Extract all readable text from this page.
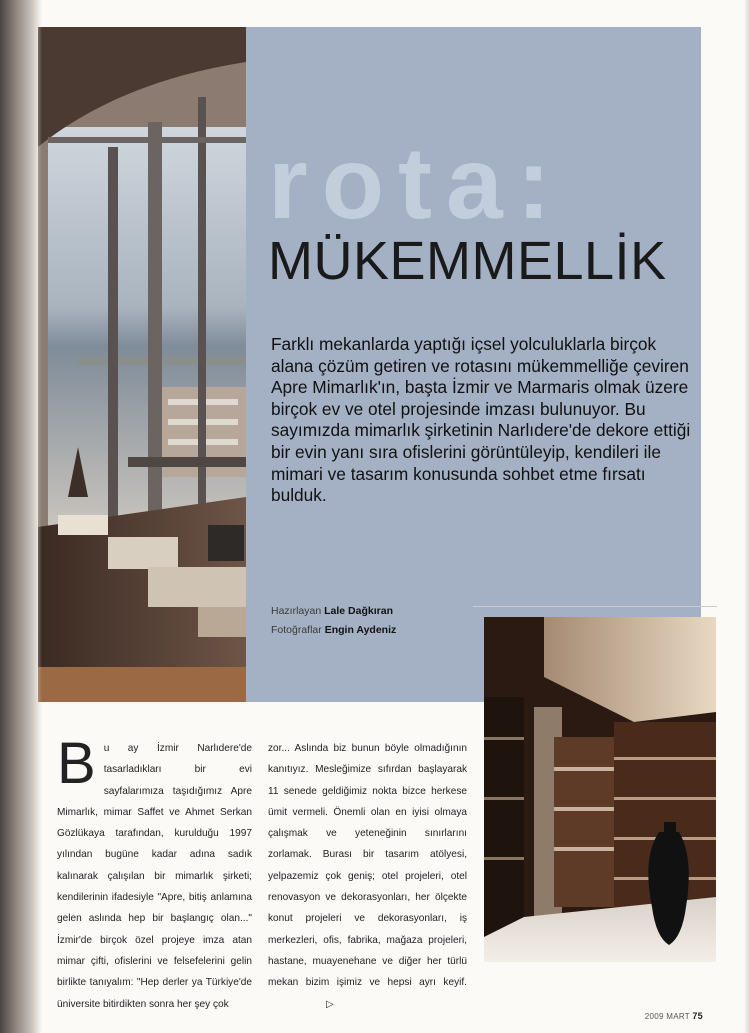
rota:
MÜKEMMELLİK

Farklı mekanlarda yaptığı içsel yolculuklarla birçok alana çözüm getiren ve rotasını mükemmelliğe çeviren Apre Mimarlık'ın, başta İzmir ve Marmaris olmak üzere birçok ev ve otel projesinde imzası bulunuyor. Bu sayımızda mimarlık şirketinin Narlıdere'de dekore ettiği bir evin yanı sıra ofislerini görüntüleyip, kendileri ile mimari ve tasarım konusunda sohbet etme fırsatı bulduk.

Hazırlayan Lale Dağkıran
Fotoğraflar Engin Aydeniz
B u ay İzmir Narlıdere'de tasarladıkları bir evi sayfalarımıza taşıdığımız Apre Mimarlık, mimar Saffet ve Ahmet Serkan Gözlükaya tarafından, kurulduğu 1997 yılından bugüne kadar adına sadık kalınarak çalışılan bir mimarlık şirketi; kendilerinin ifadesiyle "Apre, bitiş anlamına gelen aslında hep bir başlangıç olan..." İzmir'de birçok özel projeye imza atan mimar çifti, ofislerini ve felsefelerini gelin birlikte tanıyalım: "Hep derler ya Türkiye'de üniversite bitirdikten sonra her şey çok
zor... Aslında biz bunun böyle olmadığının kanıtıyız. Mesleğimize sıfırdan başlayarak 11 senede geldiğimiz nokta bizce herkese ümit vermeli. Önemli olan en iyisi olmaya çalışmak ve yeteneğinin sınırlarını zorlamak. Burası bir tasarım atölyesi, yelpazemiz çok geniş; otel projeleri, otel renovasyon ve dekorasyonları, her ölçekte konut projeleri ve dekorasyonları, iş merkezleri, ofis, fabrika, mağaza projeleri, hastane, muayenehane ve diğer her türlü mekan bizim işimiz ve hepsi ayrı keyif. ▷
2009 MART 75
